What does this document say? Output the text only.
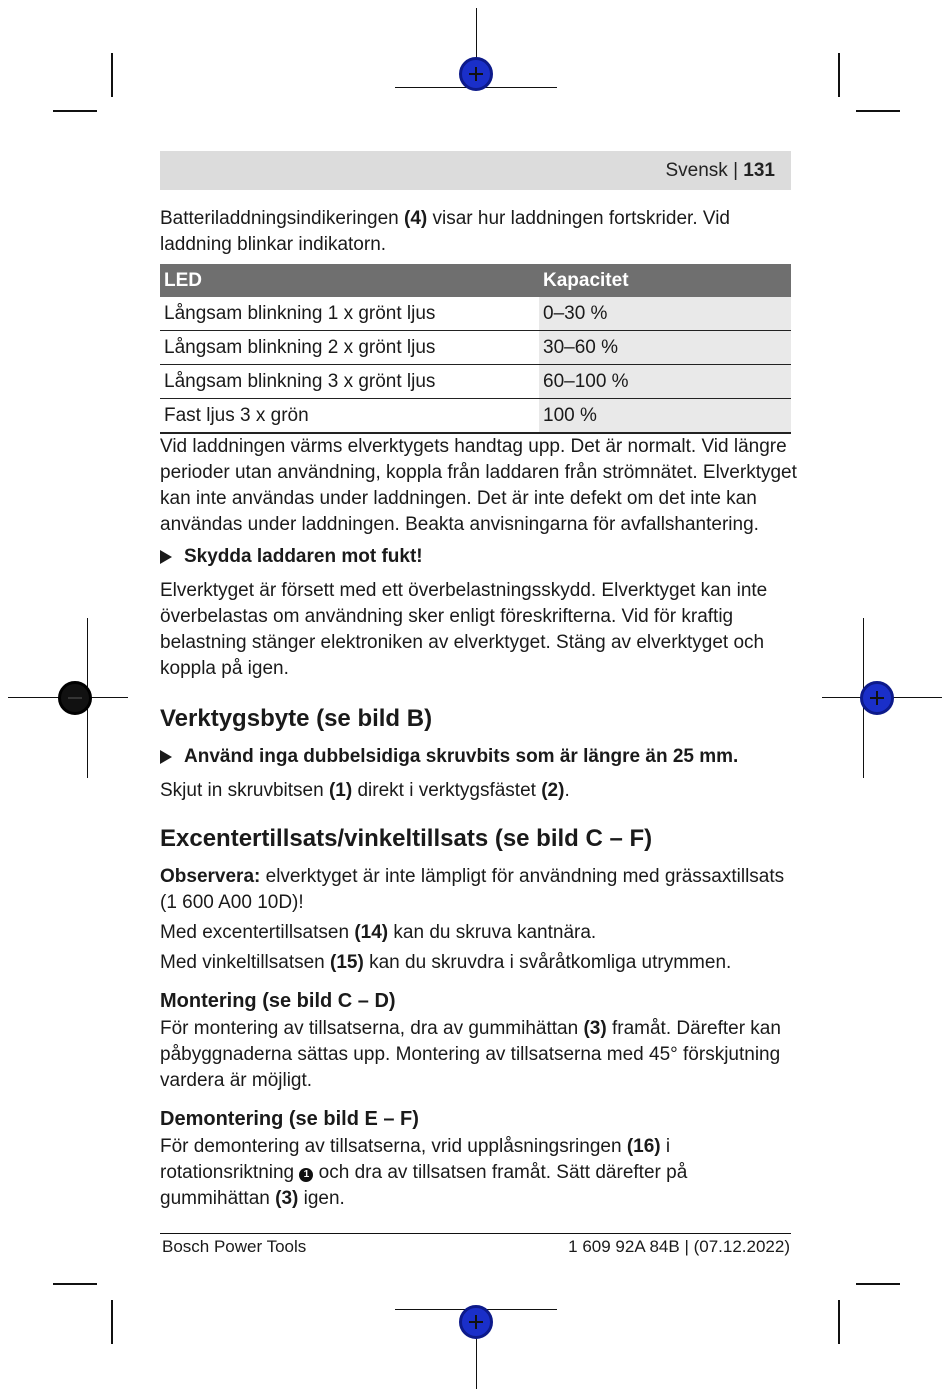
Svensk | 131

Batteriladdningsindikeringen (4) visar hur laddningen fortskrider. Vid laddning blinkar indikatorn.

LED	Kapacitet
Långsam blinkning 1 x grönt ljus	0–30 %
Långsam blinkning 2 x grönt ljus	30–60 %
Långsam blinkning 3 x grönt ljus	60–100 %
Fast ljus 3 x grön	100 %

Vid laddningen värms elverktygets handtag upp. Det är normalt. Vid längre perioder utan användning, koppla från laddaren från strömnätet. Elverktyget kan inte användas under laddningen. Det är inte defekt om det inte kan användas under laddningen. Beakta anvisningarna för avfallshantering.

Skydda laddaren mot fukt!

Elverktyget är försett med ett överbelastningsskydd. Elverktyget kan inte överbelastas om användning sker enligt föreskrifterna. Vid för kraftig belastning stänger elektroniken av elverktyget. Stäng av elverktyget och koppla på igen.

Verktygsbyte (se bild B)
Använd inga dubbelsidiga skruvbits som är längre än 25 mm.

Skjut in skruvbitsen (1) direkt i verktygsfästet (2).

Excentertillsats/vinkeltillsats (se bild C – F)

Observera: elverktyget är inte lämpligt för användning med grässaxtillsats (1 600 A00 10D)!

Med excentertillsatsen (14) kan du skruva kantnära.

Med vinkeltillsatsen (15) kan du skruvdra i svåråtkomliga utrymmen.

Montering (se bild C – D)

För montering av tillsatserna, dra av gummihättan (3) framåt. Därefter kan påbyggnaderna sättas upp. Montering av tillsatserna med 45° förskjutning vardera är möjligt.

Demontering (se bild E – F)

För demontering av tillsatserna, vrid upplåsningsringen (16) i rotationsriktning 1 och dra av tillsatsen framåt. Sätt därefter på gummihättan (3) igen.

Bosch Power Tools	1 609 92A 84B | (07.12.2022)
